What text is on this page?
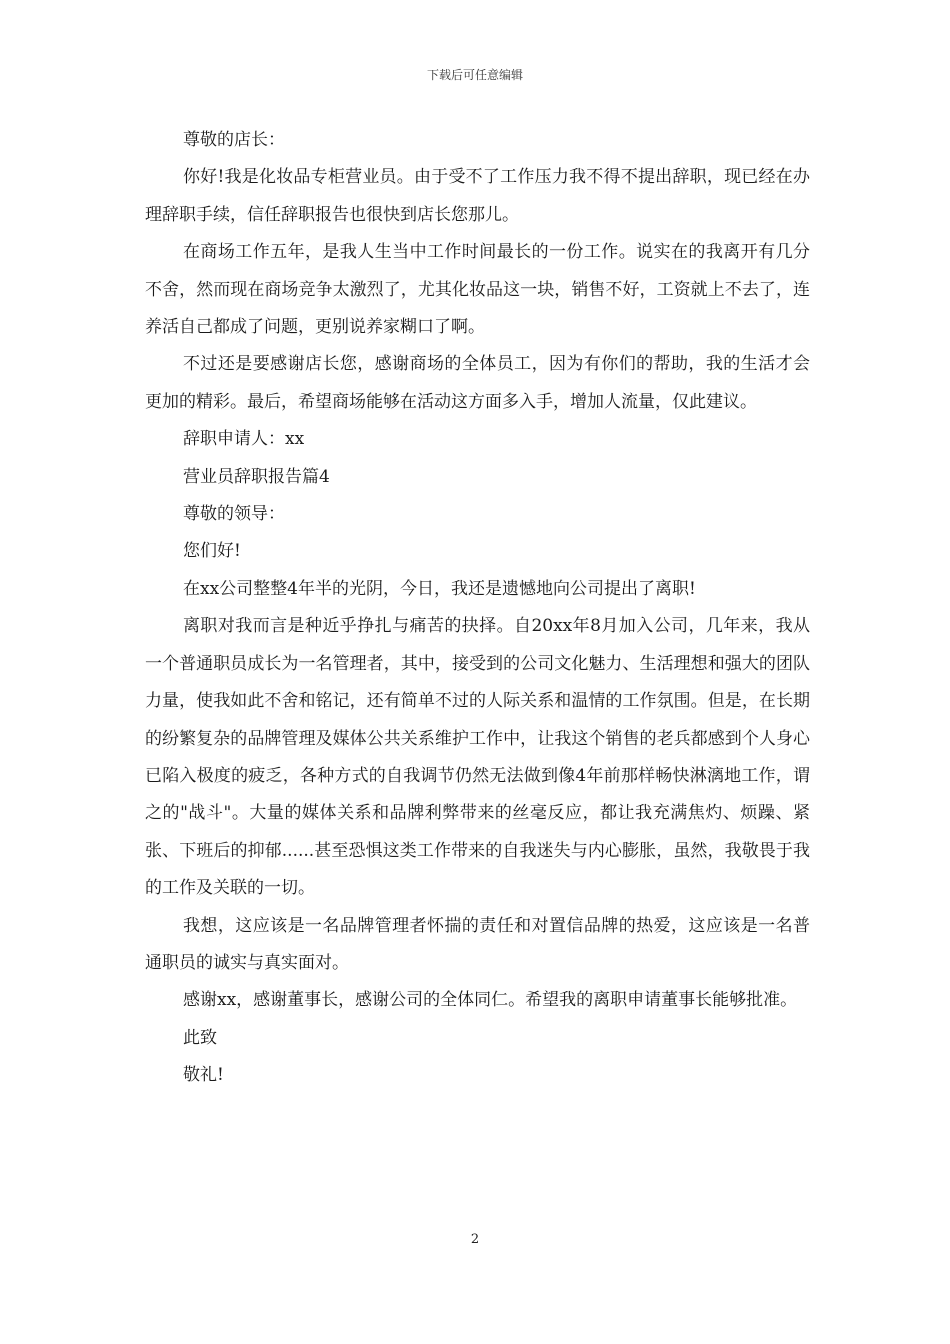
下载后可任意编辑

尊敬的店长：

你好!我是化妆品专柜营业员。由于受不了工作压力我不得不提出辞职，现已经在办理辞职手续，信任辞职报告也很快到店长您那儿。

在商场工作五年，是我人生当中工作时间最长的一份工作。说实在的我离开有几分不舍，然而现在商场竞争太激烈了，尤其化妆品这一块，销售不好，工资就上不去了，连养活自己都成了问题，更别说养家糊口了啊。

不过还是要感谢店长您，感谢商场的全体员工，因为有你们的帮助，我的生活才会更加的精彩。最后，希望商场能够在活动这方面多入手，增加人流量，仅此建议。

辞职申请人：xx

营业员辞职报告篇4

尊敬的领导：

您们好!

在xx公司整整4年半的光阴，今日，我还是遗憾地向公司提出了离职!

离职对我而言是种近乎挣扎与痛苦的抉择。自20xx年8月加入公司，几年来，我从一个普通职员成长为一名管理者，其中，接受到的公司文化魅力、生活理想和强大的团队力量，使我如此不舍和铭记，还有简单不过的人际关系和温情的工作氛围。但是，在长期的纷繁复杂的品牌管理及媒体公共关系维护工作中，让我这个销售的老兵都感到个人身心已陷入极度的疲乏，各种方式的自我调节仍然无法做到像4年前那样畅快淋漓地工作，谓之的"战斗"。大量的媒体关系和品牌利弊带来的丝毫反应，都让我充满焦灼、烦躁、紧张、下班后的抑郁......甚至恐惧这类工作带来的自我迷失与内心膨胀，虽然，我敬畏于我的工作及关联的一切。

我想，这应该是一名品牌管理者怀揣的责任和对置信品牌的热爱，这应该是一名普通职员的诚实与真实面对。

感谢xx，感谢董事长，感谢公司的全体同仁。希望我的离职申请董事长能够批准。

此致

敬礼!

2
